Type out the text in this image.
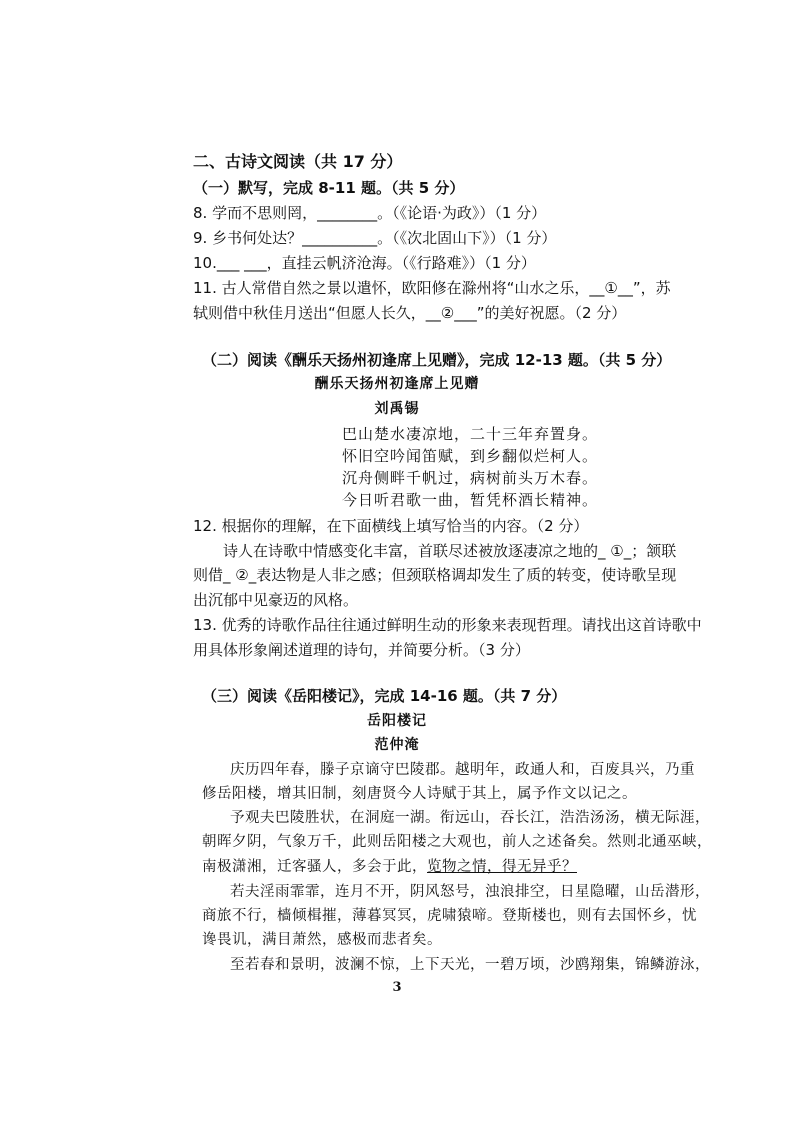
二、古诗文阅读（共 17 分）
（一）默写，完成 8-11 题。（共 5 分）
8. 学而不思则罔，________。（《论语·为政》）（1 分）
9. 乡书何处达？__________。（《次北固山下》）（1 分）
10.___ ___，直挂云帆济沧海。（《行路难》）（1 分）
11. 古人常借自然之景以遣怀，欧阳修在滁州将“山水之乐，__①__”，苏
轼则借中秋佳月送出“但愿人长久，__②___”的美好祝愿。（2 分）
（二）阅读《酬乐天扬州初逢席上见赠》，完成 12-13 题。（共 5 分）
酬乐天扬州初逢席上见赠
刘禹锡
巴山楚水凄凉地，二十三年弃置身。
怀旧空吟闻笛赋，到乡翻似烂柯人。
沉舟侧畔千帆过，病树前头万木春。
今日听君歌一曲，暂凭杯酒长精神。
12. 根据你的理解，在下面横线上填写恰当的内容。（2 分）
诗人在诗歌中情感变化丰富，首联尽述被放逐凄凉之地的_ ①_；颔联
则借_ ②_表达物是人非之感；但颈联格调却发生了质的转变，使诗歌呈现
出沉郁中见豪迈的风格。
13. 优秀的诗歌作品往往通过鲜明生动的形象来表现哲理。请找出这首诗歌中
用具体形象阐述道理的诗句，并简要分析。（3 分）
（三）阅读《岳阳楼记》，完成 14-16 题。（共 7 分）
岳阳楼记
范仲淹
庆历四年春，滕子京谪守巴陵郡。越明年，政通人和，百废具兴，乃重
修岳阳楼，增其旧制，刻唐贤今人诗赋于其上，属予作文以记之。
予观夫巴陵胜状，在洞庭一湖。衔远山，吞长江，浩浩汤汤，横无际涯，
朝晖夕阴，气象万千，此则岳阳楼之大观也，前人之述备矣。然则北通巫峡，
南极潇湘，迁客骚人，多会于此，览物之情，得无异乎？
若夫淫雨霏霏，连月不开，阴风怒号，浊浪排空，日星隐曜，山岳潜形，
商旅不行，樯倾楫摧，薄暮冥冥，虎啸猿啼。登斯楼也，则有去国怀乡，忧
谗畏讥，满目萧然，感极而悲者矣。
至若春和景明，波澜不惊，上下天光，一碧万顷，沙鸥翔集，锦鳞游泳，
3
